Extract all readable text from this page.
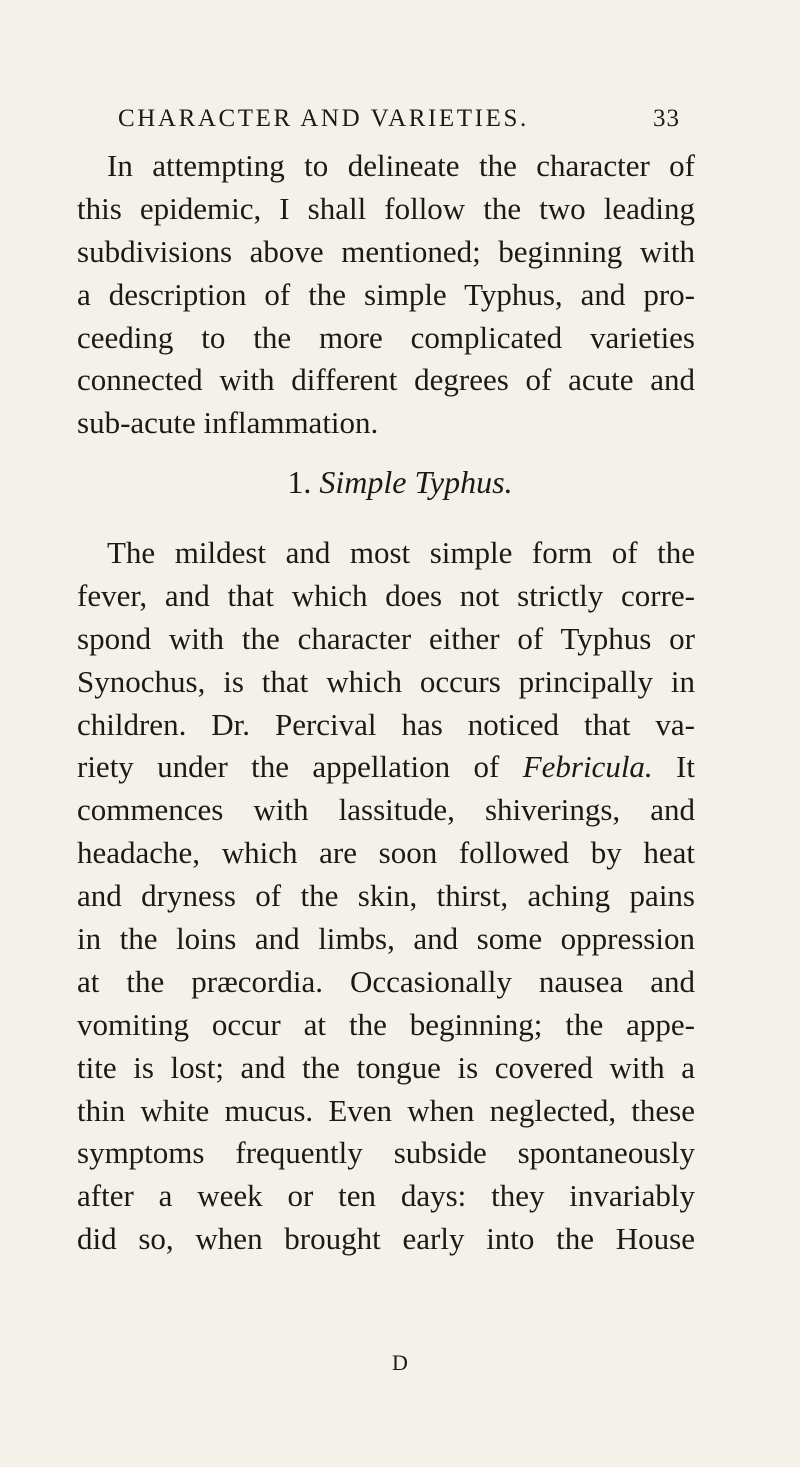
CHARACTER AND VARIETIES.	33
In attempting to delineate the character of
this epidemic, I shall follow the two leading
subdivisions above mentioned; beginning with
a description of the simple Typhus, and pro-
ceeding to the more complicated varieties
connected with different degrees of acute and
sub-acute inflammation.
1. Simple Typhus.
The mildest and most simple form of the
fever, and that which does not strictly corre-
spond with the character either of Typhus or
Synochus, is that which occurs principally in
children. Dr. Percival has noticed that va-
riety under the appellation of Febricula. It
commences with lassitude, shiverings, and
headache, which are soon followed by heat
and dryness of the skin, thirst, aching pains
in the loins and limbs, and some oppression
at the præcordia. Occasionally nausea and
vomiting occur at the beginning; the appe-
tite is lost; and the tongue is covered with a
thin white mucus. Even when neglected, these
symptoms frequently subside spontaneously
after a week or ten days: they invariably
did so, when brought early into the House
D
